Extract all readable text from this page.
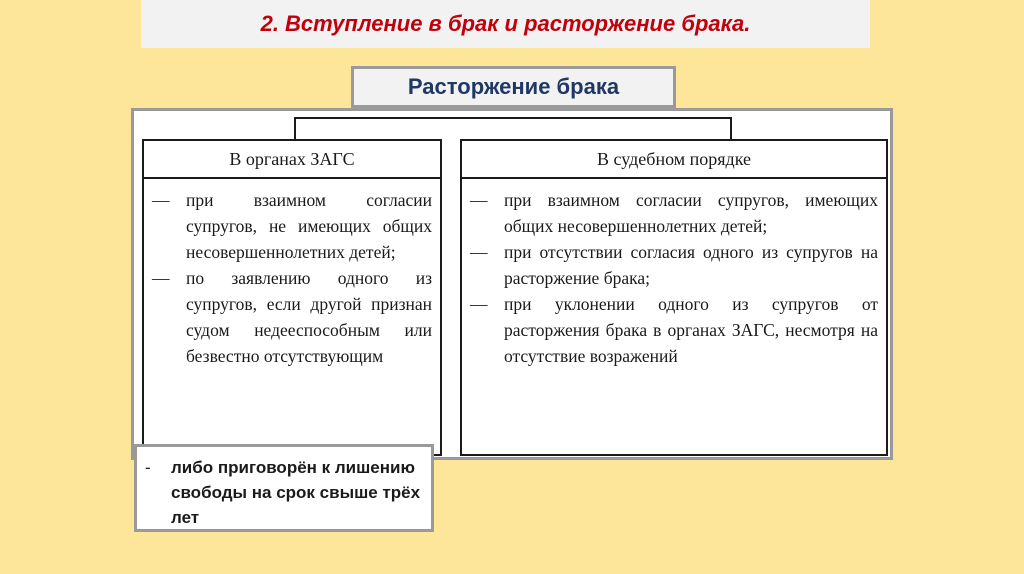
2. Вступление в брак и расторжение брака.
Расторжение брака
В органах ЗАГС
— при взаимном согласии супругов, не имеющих общих несовершеннолетних детей;
— по заявлению одного из супругов, если другой признан судом недееспособным или безвестно отсутствующим
В судебном порядке
— при взаимном согласии супругов, имеющих общих несовершеннолетних детей;
— при отсутствии согласия одного из супругов на расторжение брака;
— при уклонении одного из супругов от расторжения брака в органах ЗАГС, несмотря на отсутствие возражений
-	либо приговорён к лишению свободы на срок свыше трёх лет
